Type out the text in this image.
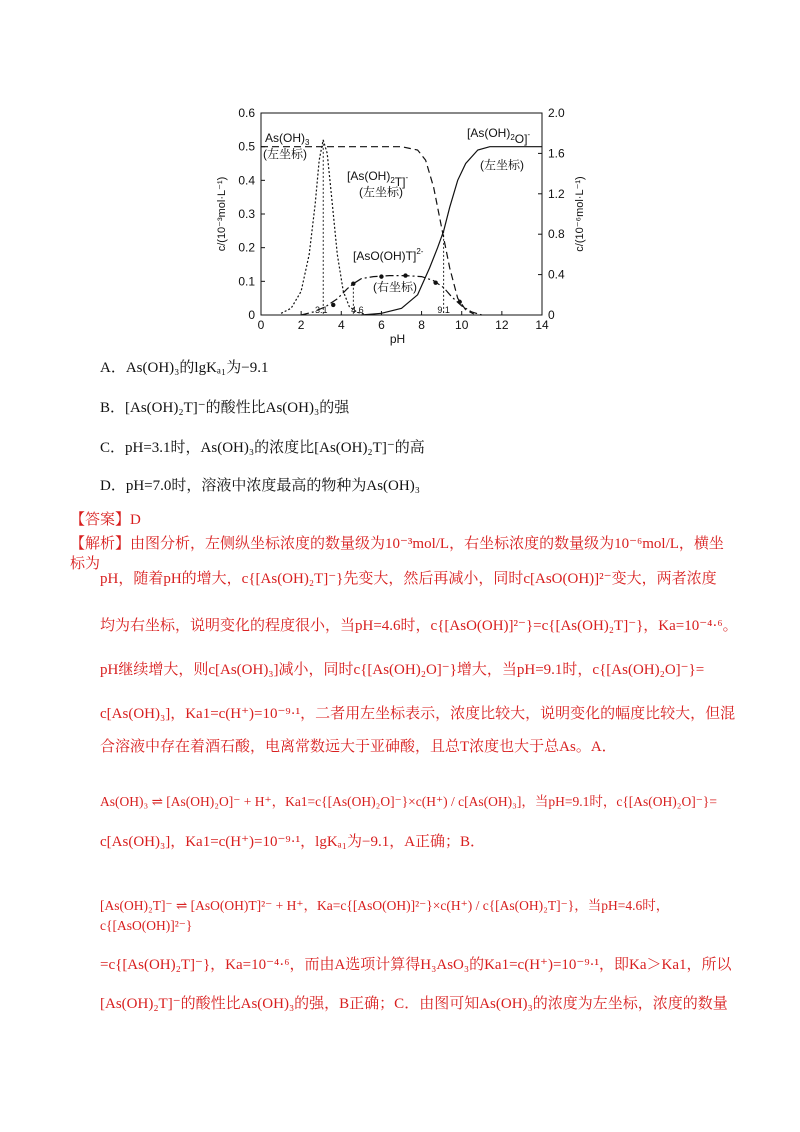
0	2	4	6	8	10 12 14
0
0.1
0.2
0.3
0.4
0.5
0.6
0
0.4
0.8
1.2
1.6
2.0
pH
c/(10⁻³mol·L⁻¹)	c/(10⁻⁶mol·L⁻¹)
3.1	4.6	9.1
$As(OH)_3$
(左坐标)
$[As(OH)_2T]^-$
(左坐标)
$[As(OH)_2O]^-$
(左坐标)
$[AsO(OH)T]^{2-}$
(右坐标)
A．As(OH)₃的lgKₐ₁为−9.1
B．[As(OH)₂T]⁻的酸性比As(OH)₃的强
C．pH=3.1时，As(OH)₃的浓度比[As(OH)₂T]⁻的高
D．pH=7.0时，溶液中浓度最高的物种为As(OH)₃
【答案】D
【解析】由图分析，左侧纵坐标浓度的数量级为10⁻³mol/L，右坐标浓度的数量级为10⁻⁶mol/L，横坐标为
pH，随着pH的增大，c{[As(OH)₂T]⁻}先变大，然后再减小，同时c[AsO(OH)]²⁻变大，两者浓度
均为右坐标，说明变化的程度很小，当pH=4.6时，c{[AsO(OH)]²⁻}=c{[As(OH)₂T]⁻}，Ka=10⁻⁴·⁶。
pH继续增大，则c[As(OH)₃]减小，同时c{[As(OH)₂O]⁻}增大，当pH=9.1时，c{[As(OH)₂O]⁻}=
c[As(OH)₃]，Ka1=c(H⁺)=10⁻⁹·¹，二者用左坐标表示，浓度比较大，说明变化的幅度比较大，但混
合溶液中存在着酒石酸，电离常数远大于亚砷酸，且总T浓度也大于总As。A．
As(OH)₃ ⇌ [As(OH)₂O]⁻ + H⁺，Ka1=c{[As(OH)₂O]⁻}×c(H⁺) / c[As(OH)₃]，当pH=9.1时，c{[As(OH)₂O]⁻}=
c[As(OH)₃]，Ka1=c(H⁺)=10⁻⁹·¹，lgKₐ₁为−9.1，A正确；B．
[As(OH)₂T]⁻ ⇌ [AsO(OH)T]²⁻ + H⁺，Ka=c{[AsO(OH)]²⁻}×c(H⁺) / c{[As(OH)₂T]⁻}，当pH=4.6时，c{[AsO(OH)]²⁻}
=c{[As(OH)₂T]⁻}，Ka=10⁻⁴·⁶，而由A选项计算得H₃AsO₃的Ka1=c(H⁺)=10⁻⁹·¹，即Ka＞Ka1，所以
[As(OH)₂T]⁻的酸性比As(OH)₃的强，B正确；C．由图可知As(OH)₃的浓度为左坐标，浓度的数量
